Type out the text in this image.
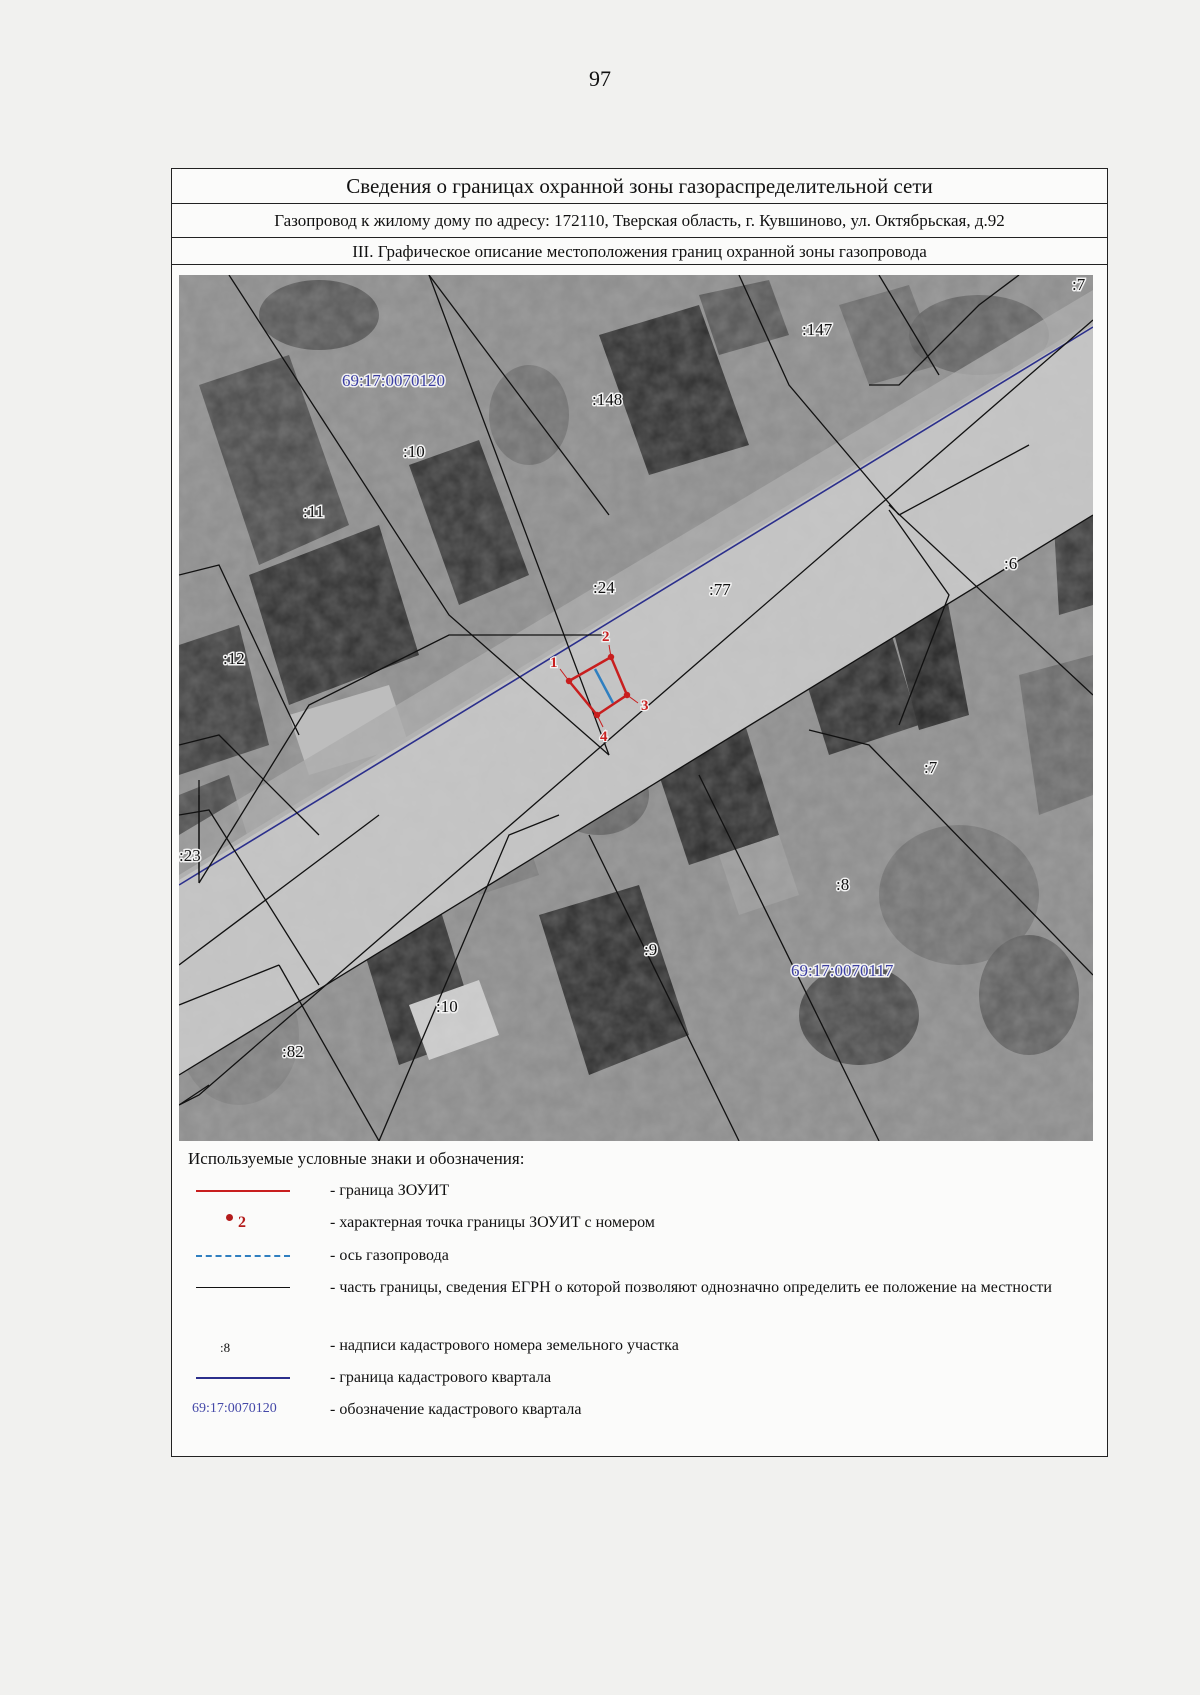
97
Сведения о границах охранной зоны газораспределительной сети
Газопровод к жилому дому по адресу: 172110, Тверская область, г. Кувшиново, ул. Октябрьская, д.92
III. Графическое описание местоположения границ охранной зоны газопровода
1
2
3
4
:7
:147
:148
:10
:11
:12
:24	:77
:6
:7
:23
:8
:9
:10
:82
69:17:0070120
69:17:0070117
Используемые условные знаки и обозначения:
- граница ЗОУИТ
2	- характерная точка границы ЗОУИТ с номером
- ось газопровода
- часть границы, сведения ЕГРН о которой позволяют однозначно определить ее положение на местности
:8	- надписи кадастрового номера земельного участка
- граница кадастрового квартала
69:17:0070120	- обозначение кадастрового квартала
